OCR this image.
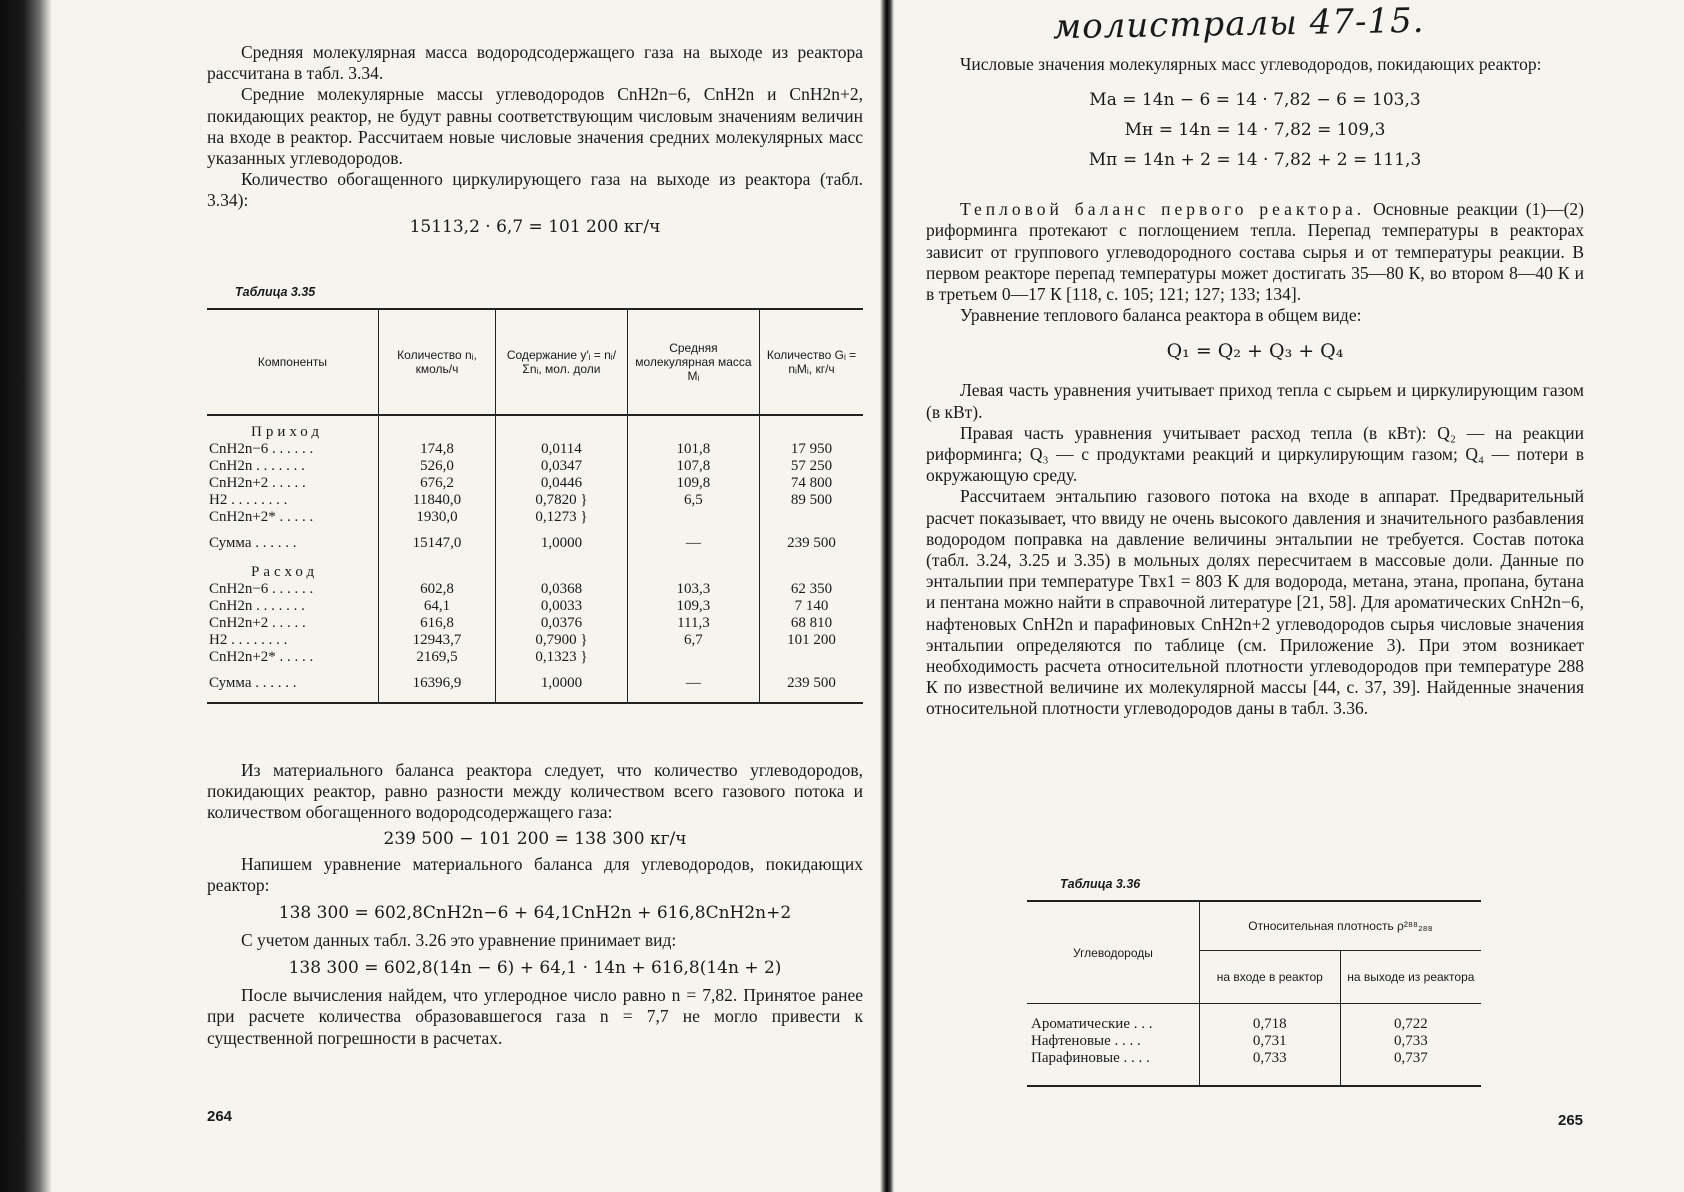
Средняя молекулярная масса водородсодержащего газа на выходе из реактора рассчитана в табл. 3.34.

Средние молекулярные массы углеводородов CnH2n−6, CnH2n и CnH2n+2, покидающих реактор, не будут равны соответствующим числовым значениям величин на входе в реактор. Рассчитаем новые числовые значения средних молекулярных масс указанных углеводородов.

Количество обогащенного циркулирующего газа на выходе из реактора (табл. 3.34):

15113,2 · 6,7 = 101 200 кг/ч

Таблица 3.35

Компоненты	Количество nᵢ, кмоль/ч	Содержание y′ᵢ = nᵢ/Σnᵢ, мол. доли	Средняя молекулярная масса Mᵢ	Количество Gᵢ = nᵢMᵢ, кг/ч
Приход				
CnH2n−6 . . . . . .	174,8	0,0114	101,8	17 950
CnH2n . . . . . . .	526,0	0,0347	107,8	57 250
CnH2n+2 . . . . .	676,2	0,0446	109,8	74 800
H2 . . . . . . . .	11840,0	0,7820 }	6,5	89 500
CnH2n+2* . . . . .	1930,0	0,1273 }		
Сумма . . . . . .	15147,0	1,0000	—	239 500
Расход				
CnH2n−6 . . . . . .	602,8	0,0368	103,3	62 350
CnH2n . . . . . . .	64,1	0,0033	109,3	7 140
CnH2n+2 . . . . .	616,8	0,0376	111,3	68 810
H2 . . . . . . . .	12943,7	0,7900 }	6,7	101 200
CnH2n+2* . . . . .	2169,5	0,1323 }		
Сумма . . . . . .	16396,9	1,0000	—	239 500

Из материального баланса реактора следует, что количество углеводородов, покидающих реактор, равно разности между количеством всего газового потока и количеством обогащенного водородсодержащего газа:

239 500 − 101 200 = 138 300 кг/ч

Напишем уравнение материального баланса для углеводородов, покидающих реактор:

138 300 = 602,8CnH2n−6 + 64,1CnH2n + 616,8CnH2n+2

С учетом данных табл. 3.26 это уравнение принимает вид:

138 300 = 602,8(14n − 6) + 64,1 · 14n + 616,8(14n + 2)

После вычисления найдем, что углеродное число равно n = 7,82. Принятое ранее при расчете количества образовавшегося газа n = 7,7 не могло привести к существенной погрешности в расчетах.

264
молистралы 47-15.

Числовые значения молекулярных масс углеводородов, покидающих реактор:

Mа = 14n − 6 = 14 · 7,82 − 6 = 103,3

Mн = 14n = 14 · 7,82 = 109,3

Mп = 14n + 2 = 14 · 7,82 + 2 = 111,3

Тепловой баланс первого реактора. Основные реакции (1)—(2) риформинга протекают с поглощением тепла. Перепад температуры в реакторах зависит от группового углеводородного состава сырья и от температуры реакции. В первом реакторе перепад температуры может достигать 35—80 К, во втором 8—40 К и в третьем 0—17 К [118, с. 105; 121; 127; 133; 134].

Уравнение теплового баланса реактора в общем виде:

Q₁ = Q₂ + Q₃ + Q₄

Левая часть уравнения учитывает приход тепла с сырьем и циркулирующим газом (в кВт).

Правая часть уравнения учитывает расход тепла (в кВт): Q₂ — на реакции риформинга; Q₃ — с продуктами реакций и циркулирующим газом; Q₄ — потери в окружающую среду.

Рассчитаем энтальпию газового потока на входе в аппарат. Предварительный расчет показывает, что ввиду не очень высокого давления и значительного разбавления водородом поправка на давление величины энтальпии не требуется. Состав потока (табл. 3.24, 3.25 и 3.35) в мольных долях пересчитаем в массовые доли. Данные по энтальпии при температуре Tвх1 = 803 К для водорода, метана, этана, пропана, бутана и пентана можно найти в справочной литературе [21, 58]. Для ароматических CnH2n−6, нафтеновых CnH2n и парафиновых CnH2n+2 углеводородов сырья числовые значения энтальпии определяются по таблице (см. Приложение 3). При этом возникает необходимость расчета относительной плотности углеводородов при температуре 288 К по известной величине их молекулярной массы [44, с. 37, 39]. Найденные значения относительной плотности углеводородов даны в табл. 3.36.

Таблица 3.36

Углеводороды	Относительная плотность ρ²⁸⁸₂₈₈	
	на входе в реактор	на выходе из реактора
Ароматические . . .	0,718	0,722
Нафтеновые . . . .	0,731	0,733
Парафиновые . . . .	0,733	0,737
265
